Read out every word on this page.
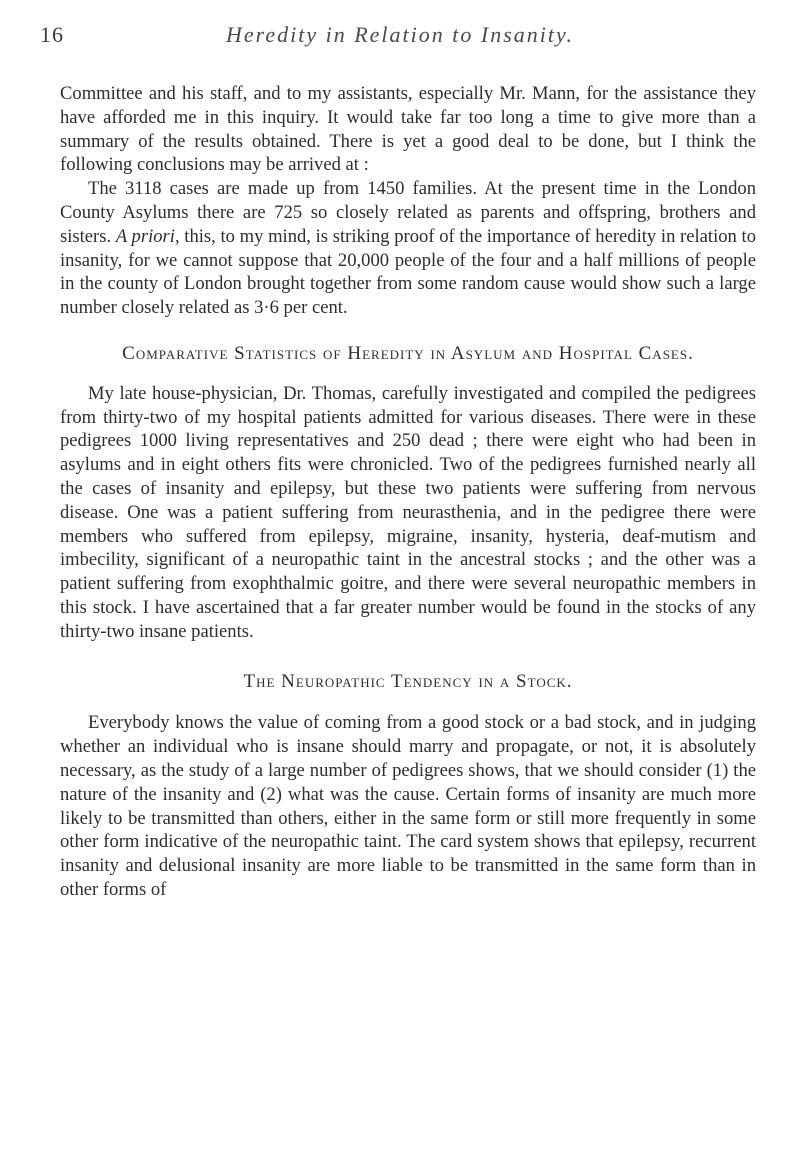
16	Heredity in Relation to Insanity.

Committee and his staff, and to my assistants, especially Mr. Mann, for the assistance they have afforded me in this inquiry. It would take far too long a time to give more than a summary of the results obtained. There is yet a good deal to be done, but I think the following conclusions may be arrived at :

The 3118 cases are made up from 1450 families. At the present time in the London County Asylums there are 725 so closely related as parents and offspring, brothers and sisters. A priori, this, to my mind, is striking proof of the importance of heredity in relation to insanity, for we cannot suppose that 20,000 people of the four and a half millions of people in the county of London brought together from some random cause would show such a large number closely related as 3·6 per cent.

Comparative Statistics of Heredity in Asylum and Hospital Cases.

My late house-physician, Dr. Thomas, carefully investigated and compiled the pedigrees from thirty-two of my hospital patients admitted for various diseases. There were in these pedigrees 1000 living representatives and 250 dead ; there were eight who had been in asylums and in eight others fits were chronicled. Two of the pedigrees furnished nearly all the cases of insanity and epilepsy, but these two patients were suffering from nervous disease. One was a patient suffering from neurasthenia, and in the pedigree there were members who suffered from epilepsy, migraine, insanity, hysteria, deaf-mutism and imbecility, significant of a neuropathic taint in the ancestral stocks ; and the other was a patient suffering from exophthalmic goitre, and there were several neuropathic members in this stock. I have ascertained that a far greater number would be found in the stocks of any thirty-two insane patients.

The Neuropathic Tendency in a Stock.

Everybody knows the value of coming from a good stock or a bad stock, and in judging whether an individual who is insane should marry and propagate, or not, it is absolutely necessary, as the study of a large number of pedigrees shows, that we should consider (1) the nature of the insanity and (2) what was the cause. Certain forms of insanity are much more likely to be transmitted than others, either in the same form or still more frequently in some other form indicative of the neuropathic taint. The card system shows that epilepsy, recurrent insanity and delusional insanity are more liable to be transmitted in the same form than in other forms of
